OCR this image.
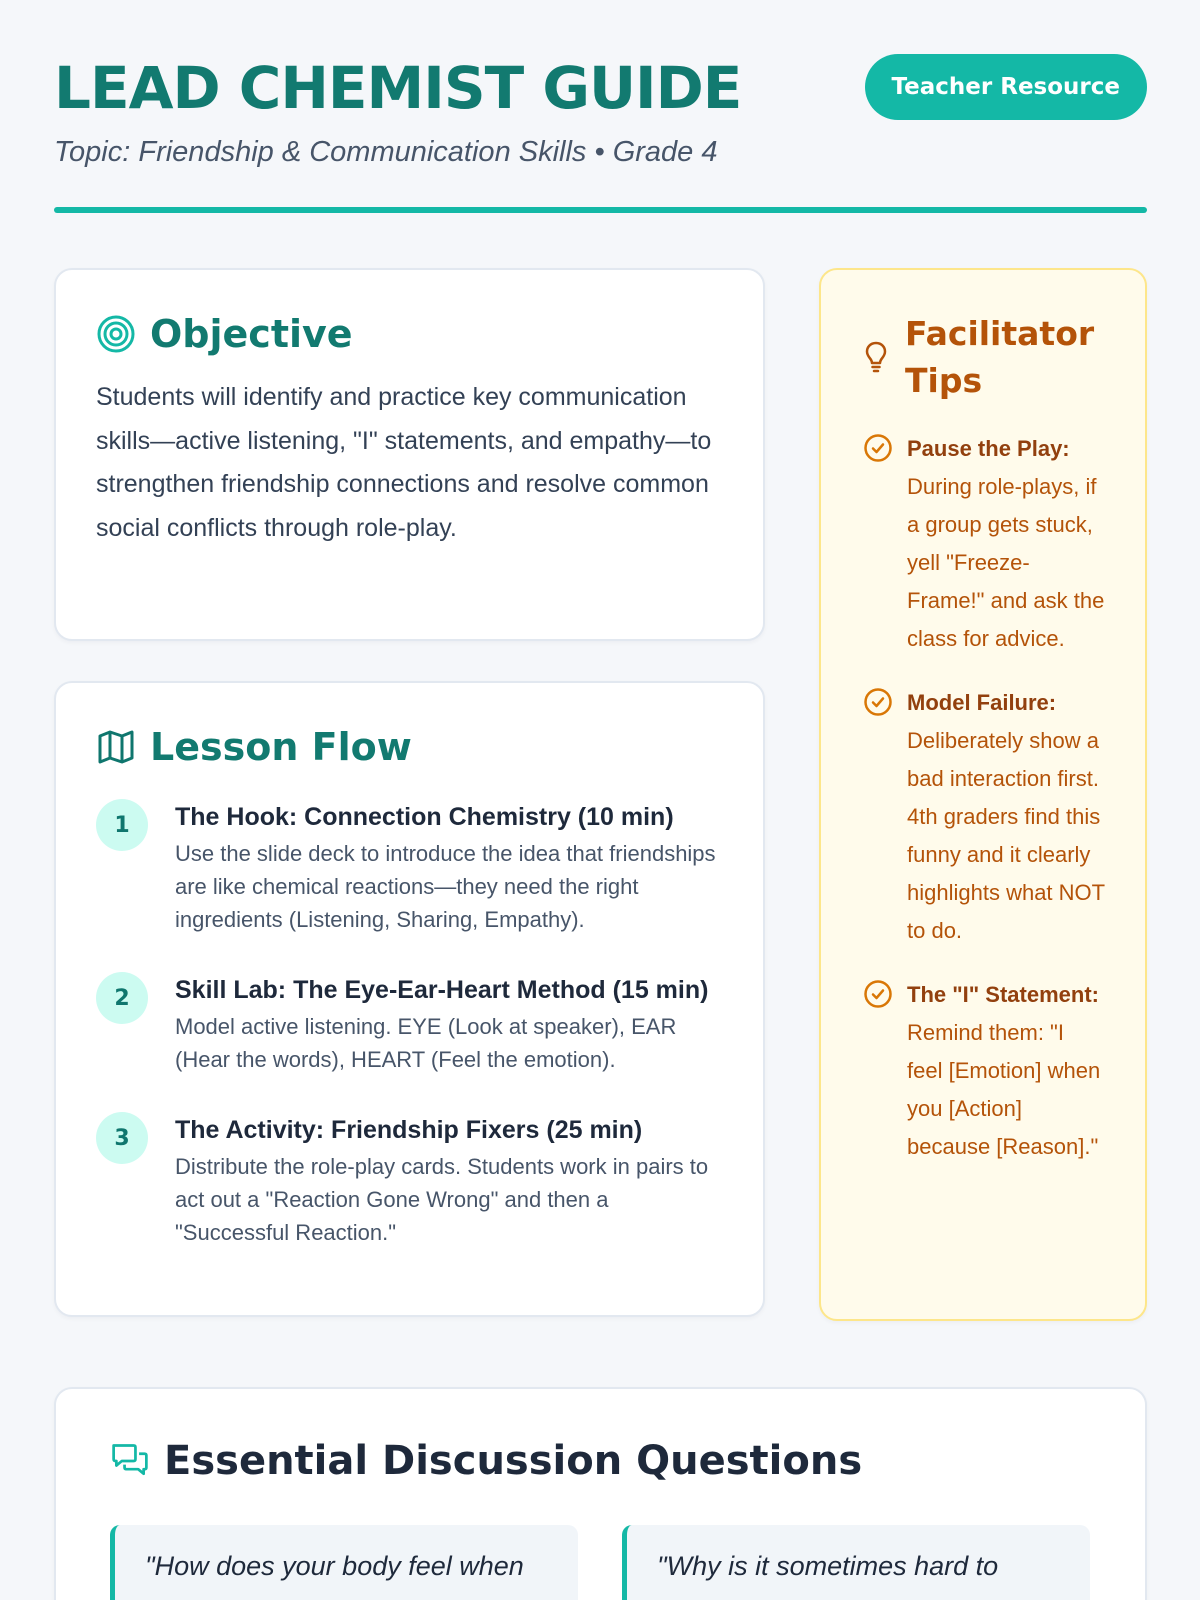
LEAD CHEMIST GUIDE
Topic: Friendship & Communication Skills • Grade 4
Teacher Resource
Objective

Students will identify and practice key communication skills—active listening, "I" statements, and empathy—to strengthen friendship connections and resolve common social conflicts through role-play.

Lesson Flow
1	The Hook: Connection Chemistry (10 min)
Use the slide deck to introduce the idea that friendships are like chemical reactions—they need the right ingredients (Listening, Sharing, Empathy).
2	Skill Lab: The Eye-Ear-Heart Method (15 min)
Model active listening. EYE (Look at speaker), EAR (Hear the words), HEART (Feel the emotion).
3	The Activity: Friendship Fixers (25 min)
Distribute the role-play cards. Students work in pairs to act out a "Reaction Gone Wrong" and then a "Successful Reaction."
Facilitator Tips
Pause the Play: During role-plays, if a group gets stuck, yell "Freeze-Frame!" and ask the class for advice.
Model Failure: Deliberately show a bad interaction first. 4th graders find this funny and it clearly highlights what NOT to do.
The "I" Statement: Remind them: "I feel [Emotion] when you [Action] because [Reason]."
Essential Discussion Questions
"How does your body feel when	"Why is it sometimes hard to
